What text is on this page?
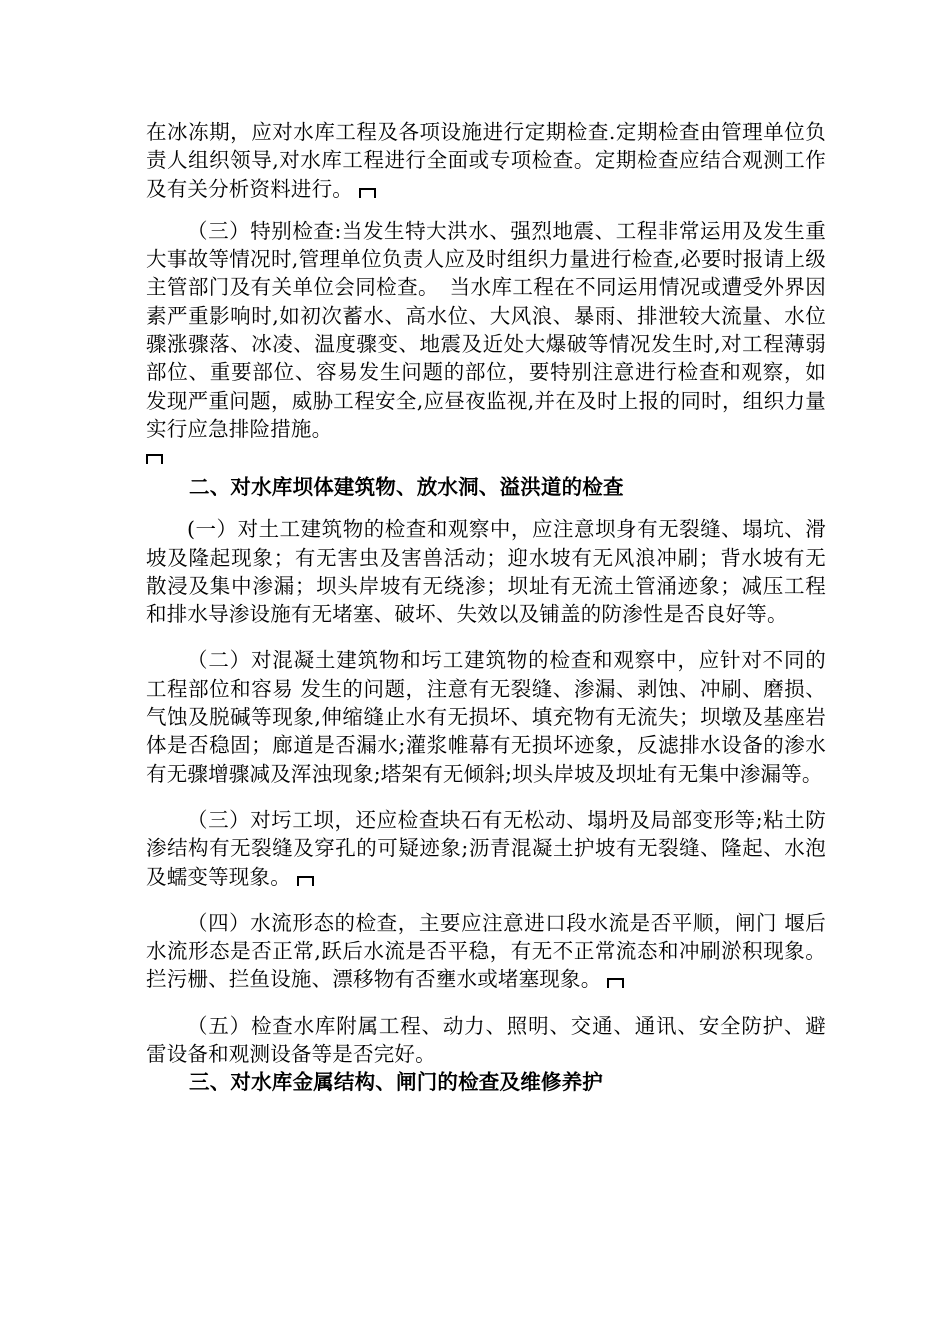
在冰冻期，应对水库工程及各项设施进行定期检查.定期检查由管理单位负责人组织领导,对水库工程进行全面或专项检查。定期检查应结合观测工作及有关分析资料进行。

（三）特别检查:当发生特大洪水、强烈地震、工程非常运用及发生重大事故等情况时,管理单位负责人应及时组织力量进行检查,必要时报请上级主管部门及有关单位会同检查。　当水库工程在不同运用情况或遭受外界因素严重影响时,如初次蓄水、高水位、大风浪、暴雨、排泄较大流量、水位骤涨骤落、冰凌、温度骤变、地震及近处大爆破等情况发生时,对工程薄弱部位、重要部位、容易发生问题的部位，要特别注意进行检查和观察，如发现严重问题，威胁工程安全,应昼夜监视,并在及时上报的同时，组织力量实行应急排险措施。

二、对水库坝体建筑物、放水洞、溢洪道的检查

(一）对土工建筑物的检查和观察中，应注意坝身有无裂缝、塌坑、滑坡及隆起现象；有无害虫及害兽活动；迎水坡有无风浪冲刷；背水坡有无散浸及集中渗漏；坝头岸坡有无绕渗；坝址有无流土管涌迹象；减压工程和排水导渗设施有无堵塞、破坏、失效以及铺盖的防渗性是否良好等。

（二）对混凝土建筑物和圬工建筑物的检查和观察中，应针对不同的工程部位和容易 发生的问题，注意有无裂缝、渗漏、剥蚀、冲刷、磨损、气蚀及脱碱等现象,伸缩缝止水有无损坏、填充物有无流失；坝墩及基座岩体是否稳固；廊道是否漏水;灌浆帷幕有无损坏迹象，反滤排水设备的渗水有无骤增骤减及浑浊现象;塔架有无倾斜;坝头岸坡及坝址有无集中渗漏等。

（三）对圬工坝，还应检查块石有无松动、塌坍及局部变形等;粘土防渗结构有无裂缝及穿孔的可疑迹象;沥青混凝土护坡有无裂缝、隆起、水泡及蠕变等现象。

（四）水流形态的检查，主要应注意进口段水流是否平顺，闸门 堰后水流形态是否正常,跃后水流是否平稳，有无不正常流态和冲刷淤积现象。拦污栅、拦鱼设施、漂移物有否壅水或堵塞现象。

（五）检查水库附属工程、动力、照明、交通、通讯、安全防护、避雷设备和观测设备等是否完好。

三、对水库金属结构、闸门的检查及维修养护
